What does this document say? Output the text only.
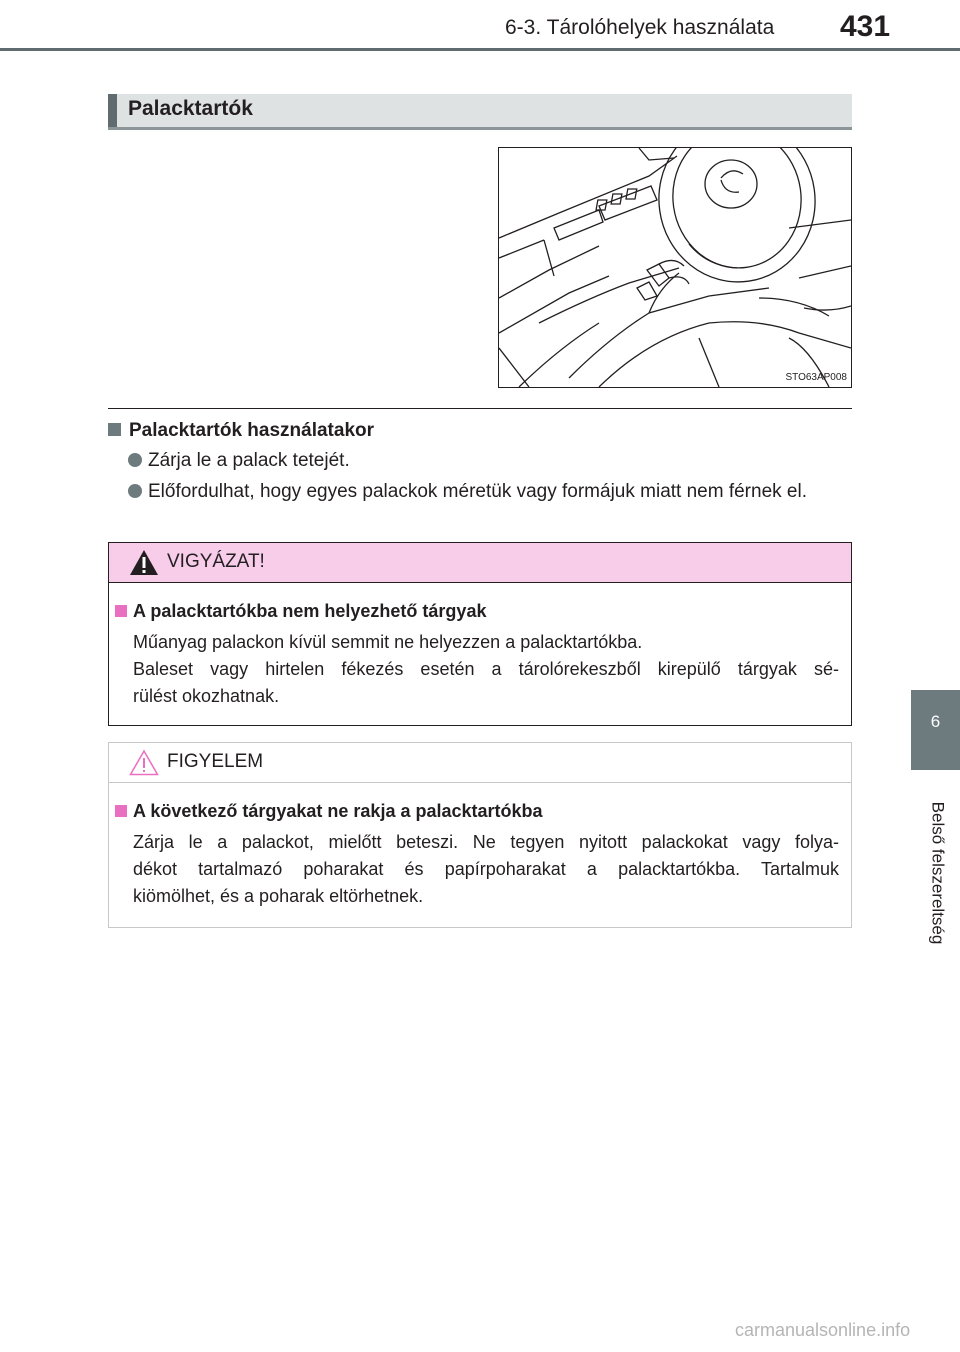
6-3. Tárolóhelyek használata 431
6
Belső felszereltség
Palacktartók
STO63AP008
Palacktartók használatakor
Zárja le a palack tetejét.
Előfordulhat, hogy egyes palackok méretük vagy formájuk miatt nem férnek el.
VIGYÁZAT!
A palacktartókba nem helyezhető tárgyak
Műanyag palackon kívül semmit ne helyezzen a palacktartókba.
Baleset vagy hirtelen fékezés esetén a tárolórekeszből kirepülő tárgyak sé-
rülést okozhatnak.
FIGYELEM
A következő tárgyakat ne rakja a palacktartókba
Zárja le a palackot, mielőtt beteszi. Ne tegyen nyitott palackokat vagy folya-
dékot tartalmazó poharakat és papírpoharakat a palacktartókba. Tartalmuk
kiömölhet, és a poharak eltörhetnek.
carmanualsonline.info
